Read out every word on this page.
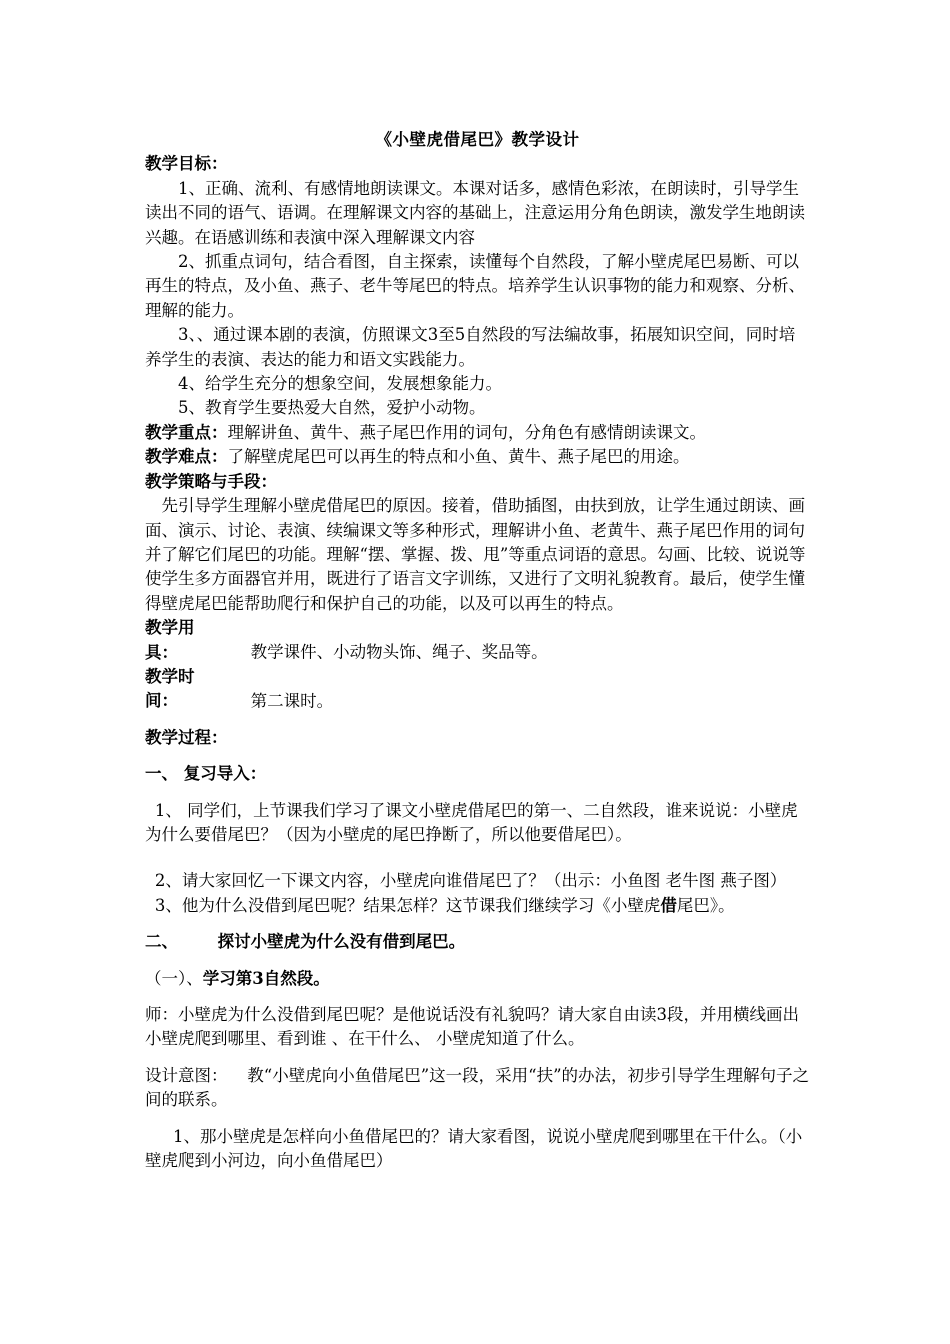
《小壁虎借尾巴》教学设计

教学目标：

1、正确、流利、有感情地朗读课文。本课对话多，感情色彩浓，在朗读时，引导学生读出不同的语气、语调。在理解课文内容的基础上，注意运用分角色朗读，激发学生地朗读兴趣。在语感训练和表演中深入理解课文内容

2、抓重点词句，结合看图，自主探索，读懂每个自然段，了解小壁虎尾巴易断、可以再生的特点，及小鱼、燕子、老牛等尾巴的特点。培养学生认识事物的能力和观察、分析、理解的能力。

3、、通过课本剧的表演，仿照课文3至5自然段的写法编故事，拓展知识空间，同时培养学生的表演、表达的能力和语文实践能力。

4、给学生充分的想象空间，发展想象能力。

5、教育学生要热爱大自然，爱护小动物。

教学重点：理解讲鱼、黄牛、燕子尾巴作用的词句，分角色有感情朗读课文。

教学难点：了解壁虎尾巴可以再生的特点和小鱼、黄牛、燕子尾巴的用途。

教学策略与手段：

先引导学生理解小壁虎借尾巴的原因。接着，借助插图，由扶到放，让学生通过朗读、画面、演示、讨论、表演、续编课文等多种形式，理解讲小鱼、老黄牛、燕子尾巴作用的词句并了解它们尾巴的功能。理解“摆、掌握、拨、甩”等重点词语的意思。勾画、比较、说说等使学生多方面器官并用，既进行了语言文字训练，又进行了文明礼貌教育。最后，使学生懂得壁虎尾巴能帮助爬行和保护自己的功能，以及可以再生的特点。

教学用具：	教学课件、小动物头饰、绳子、奖品等。

教学时间：	第二课时。

教学过程：

一、 复习导入：

1、 同学们，上节课我们学习了课文小壁虎借尾巴的第一、二自然段，谁来说说：小壁虎为什么要借尾巴？（因为小壁虎的尾巴挣断了，所以他要借尾巴）。

2、请大家回忆一下课文内容，小壁虎向谁借尾巴了？（出示：小鱼图 老牛图 燕子图）

3、他为什么没借到尾巴呢？结果怎样？这节课我们继续学习《小壁虎借尾巴》。

二、 探讨小壁虎为什么没有借到尾巴。

（一）、学习第3自然段。

师：小壁虎为什么没借到尾巴呢？是他说话没有礼貌吗？请大家自由读3段，并用横线画出小壁虎爬到哪里、看到谁 、在干什么、 小壁虎知道了什么。

设计意图： 教“小壁虎向小鱼借尾巴”这一段，采用“扶”的办法，初步引导学生理解句子之间的联系。

1、那小壁虎是怎样向小鱼借尾巴的？请大家看图，说说小壁虎爬到哪里在干什么。（小壁虎爬到小河边，向小鱼借尾巴）
